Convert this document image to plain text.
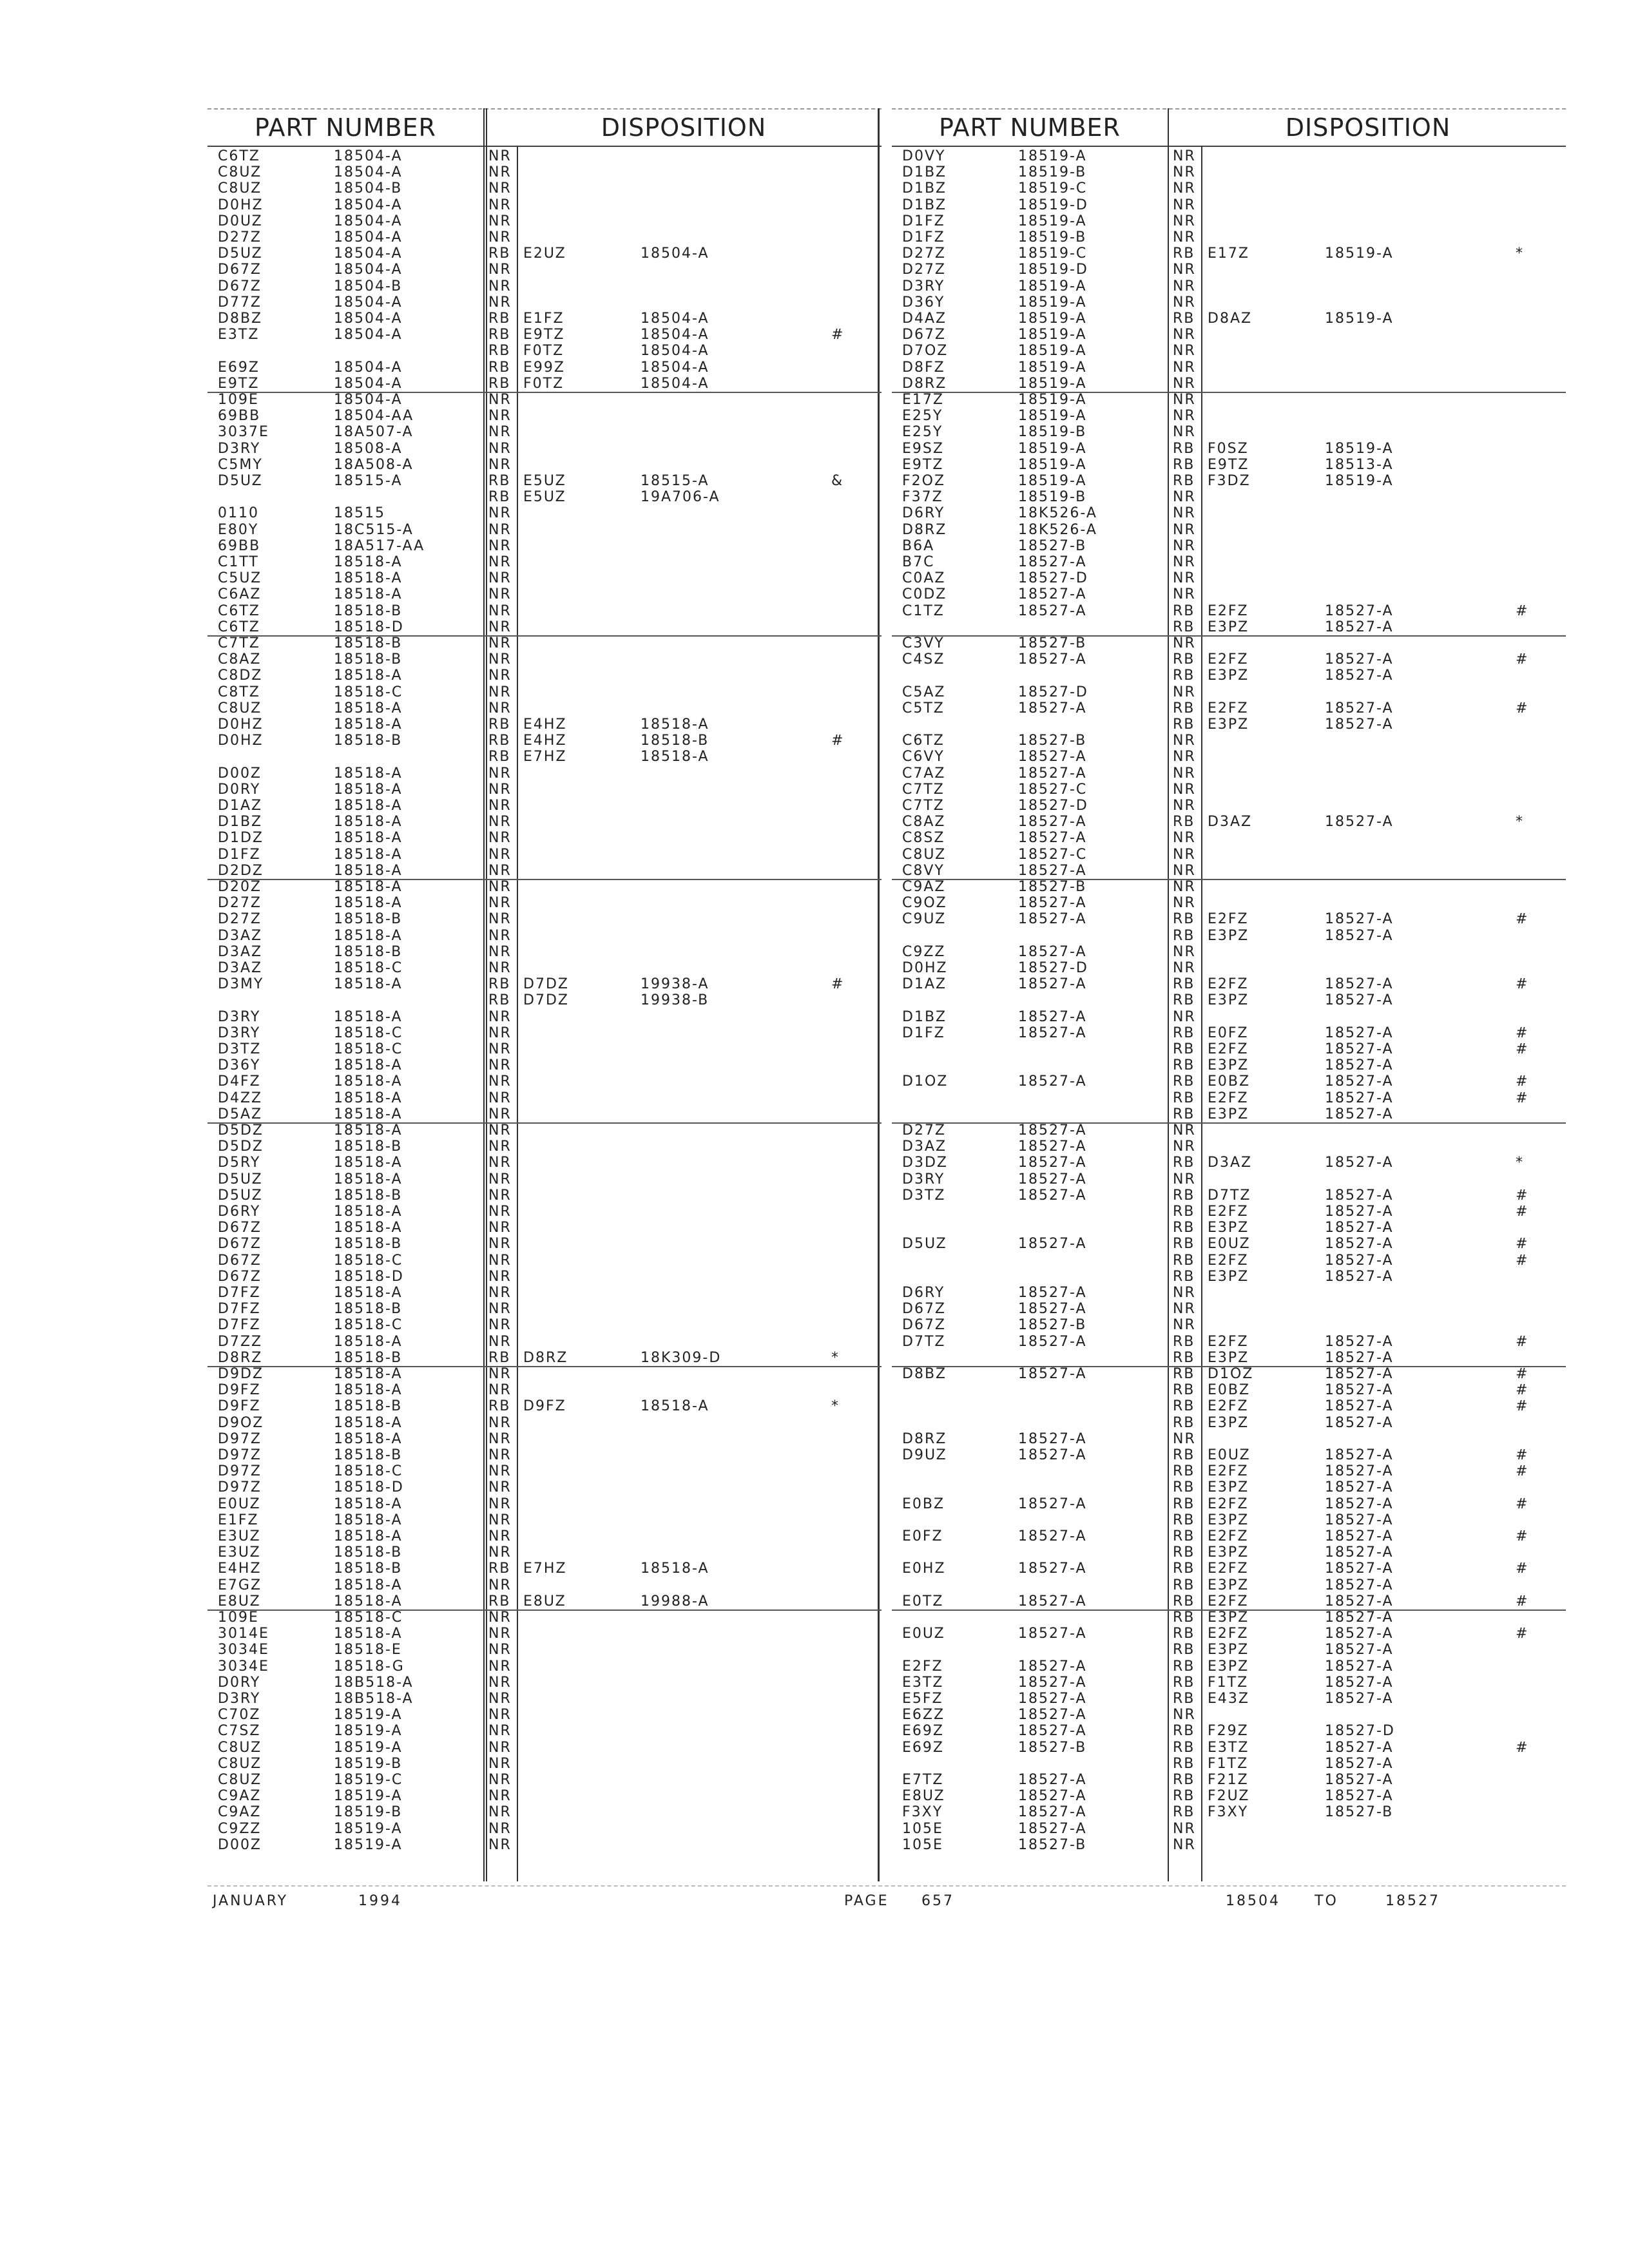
PART NUMBER	DISPOSITION
C6TZ	18504-A	NR
C8UZ	18504-A	NR
C8UZ	18504-B	NR
D0HZ	18504-A	NR
D0UZ	18504-A	NR
D27Z	18504-A	NR
D5UZ	18504-A	RB E2UZ	18504-A
D67Z	18504-A	NR
D67Z	18504-B	NR
D77Z	18504-A	NR
D8BZ	18504-A	RB E1FZ	18504-A
E3TZ	18504-A	RB E9TZ	18504-A	#
RB F0TZ	18504-A
E69Z	18504-A	RB E99Z	18504-A
E9TZ	18504-A	RB F0TZ	18504-A
109E	18504-A	NR
69BB	18504-AA	NR
3037E	18A507-A	NR
D3RY	18508-A	NR
C5MY	18A508-A	NR
D5UZ	18515-A	RB E5UZ	18515-A	&
RB E5UZ	19A706-A
0110	18515	NR
E80Y	18C515-A	NR
69BB	18A517-AA	NR
C1TT	18518-A	NR
C5UZ	18518-A	NR
C6AZ	18518-A	NR
C6TZ	18518-B	NR
C6TZ	18518-D	NR
C7TZ	18518-B	NR
C8AZ	18518-B	NR
C8DZ	18518-A	NR
C8TZ	18518-C	NR
C8UZ	18518-A	NR
D0HZ	18518-A	RB E4HZ	18518-A
D0HZ	18518-B	RB E4HZ	18518-B	#
RB E7HZ	18518-A
D00Z	18518-A	NR
D0RY	18518-A	NR
D1AZ	18518-A	NR
D1BZ	18518-A	NR
D1DZ	18518-A	NR
D1FZ	18518-A	NR
D2DZ	18518-A	NR
D20Z	18518-A	NR
D27Z	18518-A	NR
D27Z	18518-B	NR
D3AZ	18518-A	NR
D3AZ	18518-B	NR
D3AZ	18518-C	NR
D3MY	18518-A	RB D7DZ	19938-A	#
RB D7DZ	19938-B
D3RY	18518-A	NR
D3RY	18518-C	NR
D3TZ	18518-C	NR
D36Y	18518-A	NR
D4FZ	18518-A	NR
D4ZZ	18518-A	NR
D5AZ	18518-A	NR
D5DZ	18518-A	NR
D5DZ	18518-B	NR
D5RY	18518-A	NR
D5UZ	18518-A	NR
D5UZ	18518-B	NR
D6RY	18518-A	NR
D67Z	18518-A	NR
D67Z	18518-B	NR
D67Z	18518-C	NR
D67Z	18518-D	NR
D7FZ	18518-A	NR
D7FZ	18518-B	NR
D7FZ	18518-C	NR
D7ZZ	18518-A	NR
D8RZ	18518-B	RB D8RZ	18K309-D	*
D9DZ	18518-A	NR
D9FZ	18518-A	NR
D9FZ	18518-B	RB D9FZ	18518-A	*
D9OZ	18518-A	NR
D97Z	18518-A	NR
D97Z	18518-B	NR
D97Z	18518-C	NR
D97Z	18518-D	NR
E0UZ	18518-A	NR
E1FZ	18518-A	NR
E3UZ	18518-A	NR
E3UZ	18518-B	NR
E4HZ	18518-B	RB E7HZ	18518-A
E7GZ	18518-A	NR
E8UZ	18518-A	RB E8UZ	19988-A
109E	18518-C	NR
3014E	18518-A	NR
3034E	18518-E	NR
3034E	18518-G	NR
D0RY	18B518-A	NR
D3RY	18B518-A	NR
C70Z	18519-A	NR
C7SZ	18519-A	NR
C8UZ	18519-A	NR
C8UZ	18519-B	NR
C8UZ	18519-C	NR
C9AZ	18519-A	NR
C9AZ	18519-B	NR
C9ZZ	18519-A	NR
D00Z	18519-A	NR
PART NUMBER	DISPOSITION
D0VY	18519-A	NR
D1BZ	18519-B	NR
D1BZ	18519-C	NR
D1BZ	18519-D	NR
D1FZ	18519-A	NR
D1FZ	18519-B	NR
D27Z	18519-C	RB E17Z	18519-A	*
D27Z	18519-D	NR
D3RY	18519-A	NR
D36Y	18519-A	NR
D4AZ	18519-A	RB D8AZ	18519-A
D67Z	18519-A	NR
D7OZ	18519-A	NR
D8FZ	18519-A	NR
D8RZ	18519-A	NR
E17Z	18519-A	NR
E25Y	18519-A	NR
E25Y	18519-B	NR
E9SZ	18519-A	RB F0SZ	18519-A
E9TZ	18519-A	RB E9TZ	18513-A
F2OZ	18519-A	RB F3DZ	18519-A
F37Z	18519-B	NR
D6RY	18K526-A	NR
D8RZ	18K526-A	NR
B6A	18527-B	NR
B7C	18527-A	NR
C0AZ	18527-D	NR
C0DZ	18527-A	NR
C1TZ	18527-A	RB E2FZ	18527-A	#
RB E3PZ	18527-A
C3VY	18527-B	NR
C4SZ	18527-A	RB E2FZ	18527-A	#
RB E3PZ	18527-A
C5AZ	18527-D	NR
C5TZ	18527-A	RB E2FZ	18527-A	#
RB E3PZ	18527-A
C6TZ	18527-B	NR
C6VY	18527-A	NR
C7AZ	18527-A	NR
C7TZ	18527-C	NR
C7TZ	18527-D	NR
C8AZ	18527-A	RB D3AZ	18527-A	*
C8SZ	18527-A	NR
C8UZ	18527-C	NR
C8VY	18527-A	NR
C9AZ	18527-B	NR
C9OZ	18527-A	NR
C9UZ	18527-A	RB E2FZ	18527-A	#
RB E3PZ	18527-A
C9ZZ	18527-A	NR
D0HZ	18527-D	NR
D1AZ	18527-A	RB E2FZ	18527-A	#
RB E3PZ	18527-A
D1BZ	18527-A	NR
D1FZ	18527-A	RB E0FZ	18527-A	#
RB E2FZ	18527-A	#
RB E3PZ	18527-A
D1OZ	18527-A	RB E0BZ	18527-A	#
RB E2FZ	18527-A	#
RB E3PZ	18527-A
D27Z	18527-A	NR
D3AZ	18527-A	NR
D3DZ	18527-A	RB D3AZ	18527-A	*
D3RY	18527-A	NR
D3TZ	18527-A	RB D7TZ	18527-A	#
RB E2FZ	18527-A	#
RB E3PZ	18527-A
D5UZ	18527-A	RB E0UZ	18527-A	#
RB E2FZ	18527-A	#
RB E3PZ	18527-A
D6RY	18527-A	NR
D67Z	18527-A	NR
D67Z	18527-B	NR
D7TZ	18527-A	RB E2FZ	18527-A	#
RB E3PZ	18527-A
D8BZ	18527-A	RB D1OZ	18527-A	#
RB E0BZ	18527-A	#
RB E2FZ	18527-A	#
RB E3PZ	18527-A
D8RZ	18527-A	NR
D9UZ	18527-A	RB E0UZ	18527-A	#
RB E2FZ	18527-A	#
RB E3PZ	18527-A
E0BZ	18527-A	RB E2FZ	18527-A	#
RB E3PZ	18527-A
E0FZ	18527-A	RB E2FZ	18527-A	#
RB E3PZ	18527-A
E0HZ	18527-A	RB E2FZ	18527-A	#
RB E3PZ	18527-A
E0TZ	18527-A	RB E2FZ	18527-A	#
RB E3PZ	18527-A
E0UZ	18527-A	RB E2FZ	18527-A	#
RB E3PZ	18527-A
E2FZ	18527-A	RB E3PZ	18527-A
E3TZ	18527-A	RB F1TZ	18527-A
E5FZ	18527-A	RB E43Z	18527-A
E6ZZ	18527-A	NR
E69Z	18527-A	RB F29Z	18527-D
E69Z	18527-B	RB E3TZ	18527-A	#
RB F1TZ	18527-A
E7TZ	18527-A	RB F21Z	18527-A
E8UZ	18527-A	RB F2UZ	18527-A
F3XY	18527-A	RB F3XY	18527-B
105E	18527-A	NR
105E	18527-B	NR
JANUARY	1994	PAGE 657	18504 TO	18527
